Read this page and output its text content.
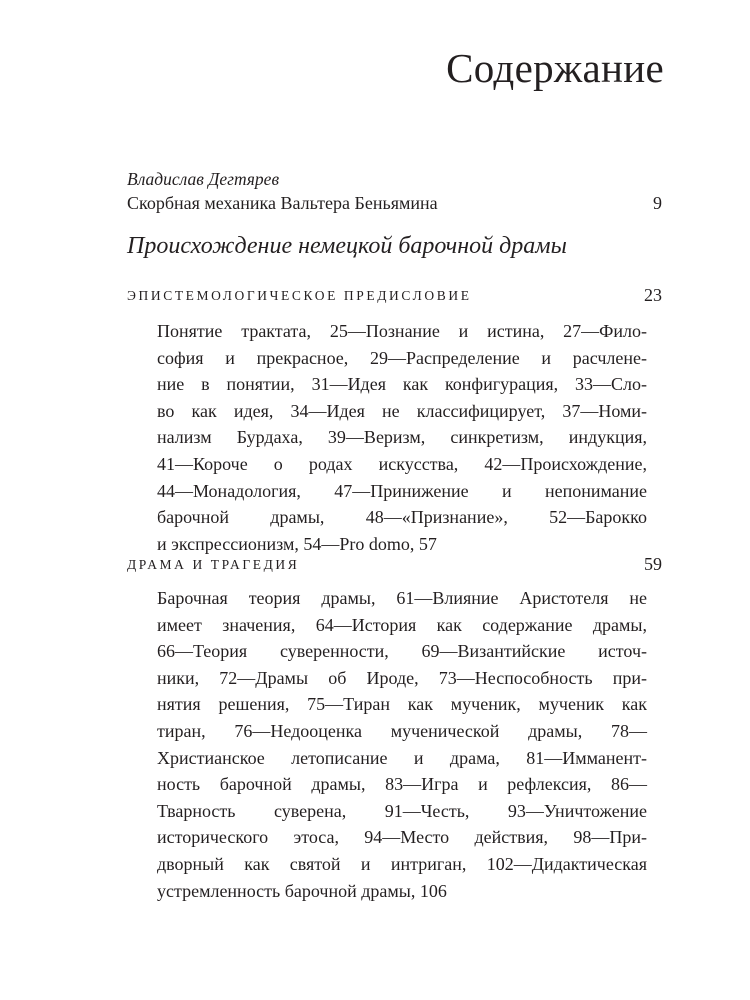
Содержание
Владислав Дегтярев
Скорбная механика Вальтера Беньямина	9
Происхождение немецкой барочной драмы
ЭПИСТЕМОЛОГИЧЕСКОЕ ПРЕДИСЛОВИЕ	23
Понятие трактата, 25—Познание и истина, 27—Фило-
софия и прекрасное, 29—Распределение и расчлене-
ние в понятии, 31—Идея как конфигурация, 33—Сло-
во как идея, 34—Идея не классифицирует, 37—Номи-
нализм Бурдаха, 39—Веризм, синкретизм, индукция,
41—Короче о родах искусства, 42—Происхождение,
44—Монадология, 47—Принижение и непонимание
барочной драмы, 48—«Признание», 52—Барокко
и экспрессионизм, 54—Pro domo, 57
ДРАМА И ТРАГЕДИЯ	59
Барочная теория драмы, 61—Влияние Аристотеля не
имеет значения, 64—История как содержание драмы,
66—Теория суверенности, 69—Византийские источ-
ники, 72—Драмы об Ироде, 73—Неспособность при-
нятия решения, 75—Тиран как мученик, мученик как
тиран, 76—Недооценка мученической драмы, 78—
Христианское летописание и драма, 81—Имманент-
ность барочной драмы, 83—Игра и рефлексия, 86—
Тварность суверена, 91—Честь, 93—Уничтожение
исторического этоса, 94—Место действия, 98—При-
дворный как святой и интриган, 102—Дидактическая
устремленность барочной драмы, 106
